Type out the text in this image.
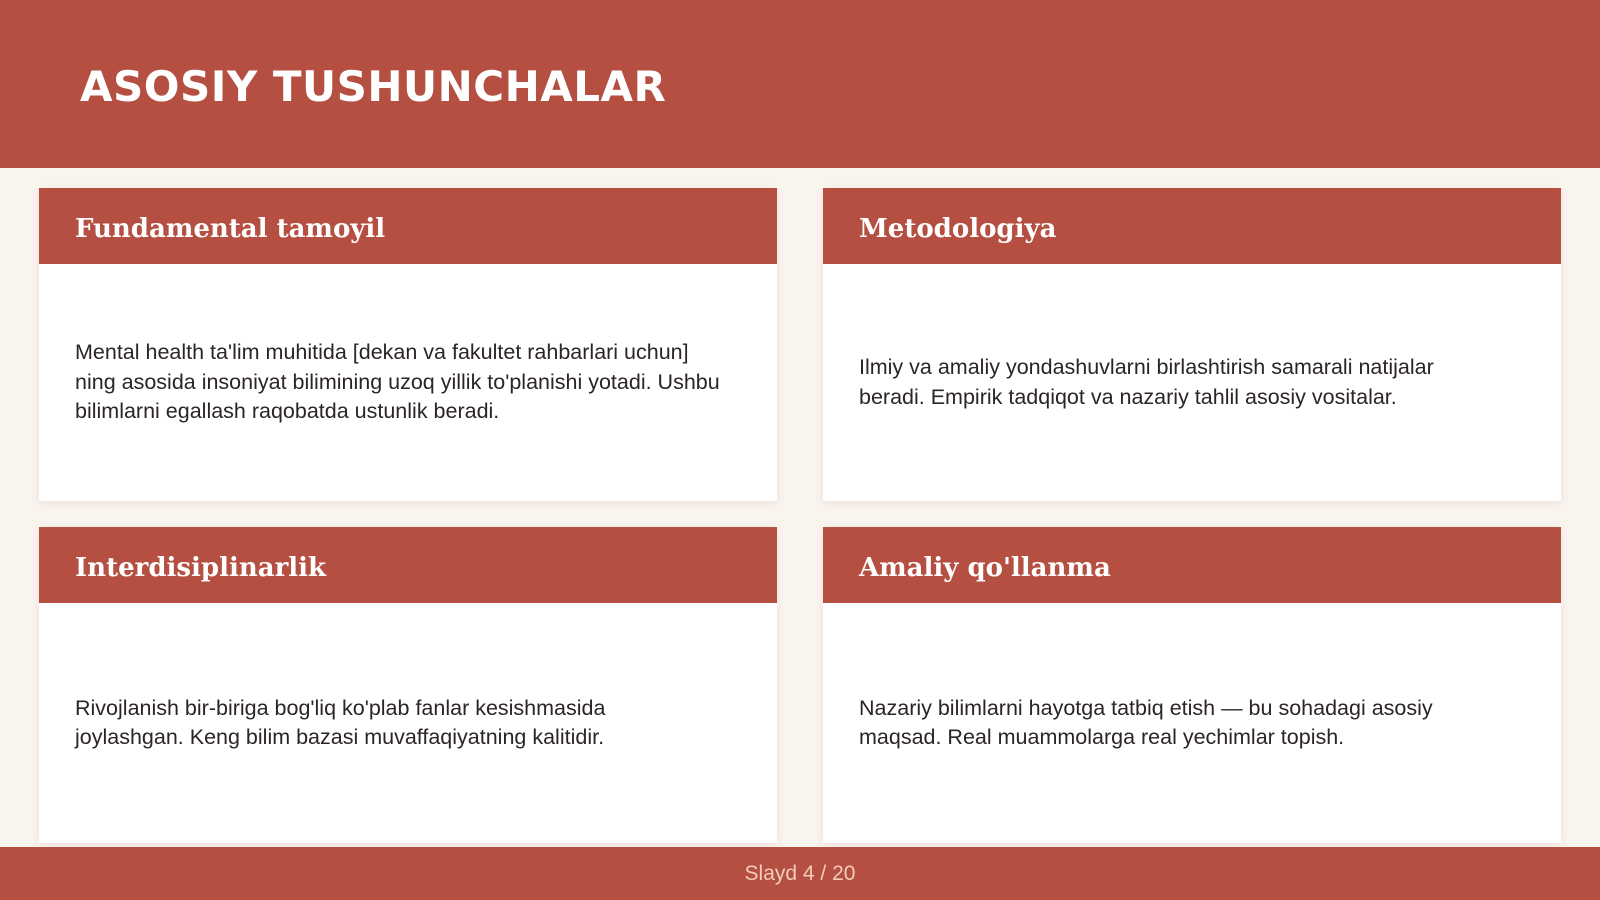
ASOSIY TUSHUNCHALAR
Fundamental tamoyil

Mental health ta'lim muhitida [dekan va fakultet rahbarlari uchun] ning asosida insoniyat bilimining uzoq yillik to'planishi yotadi. Ushbu bilimlarni egallash raqobatda ustunlik beradi.

Metodologiya

Ilmiy va amaliy yondashuvlarni birlashtirish samarali natijalar beradi. Empirik tadqiqot va nazariy tahlil asosiy vositalar.

Interdisiplinarlik

Rivojlanish bir-biriga bog'liq ko'plab fanlar kesishmasida joylashgan. Keng bilim bazasi muvaffaqiyatning kalitidir.

Amaliy qo'llanma

Nazariy bilimlarni hayotga tatbiq etish — bu sohadagi asosiy maqsad. Real muammolarga real yechimlar topish.

Slayd 4 / 20
